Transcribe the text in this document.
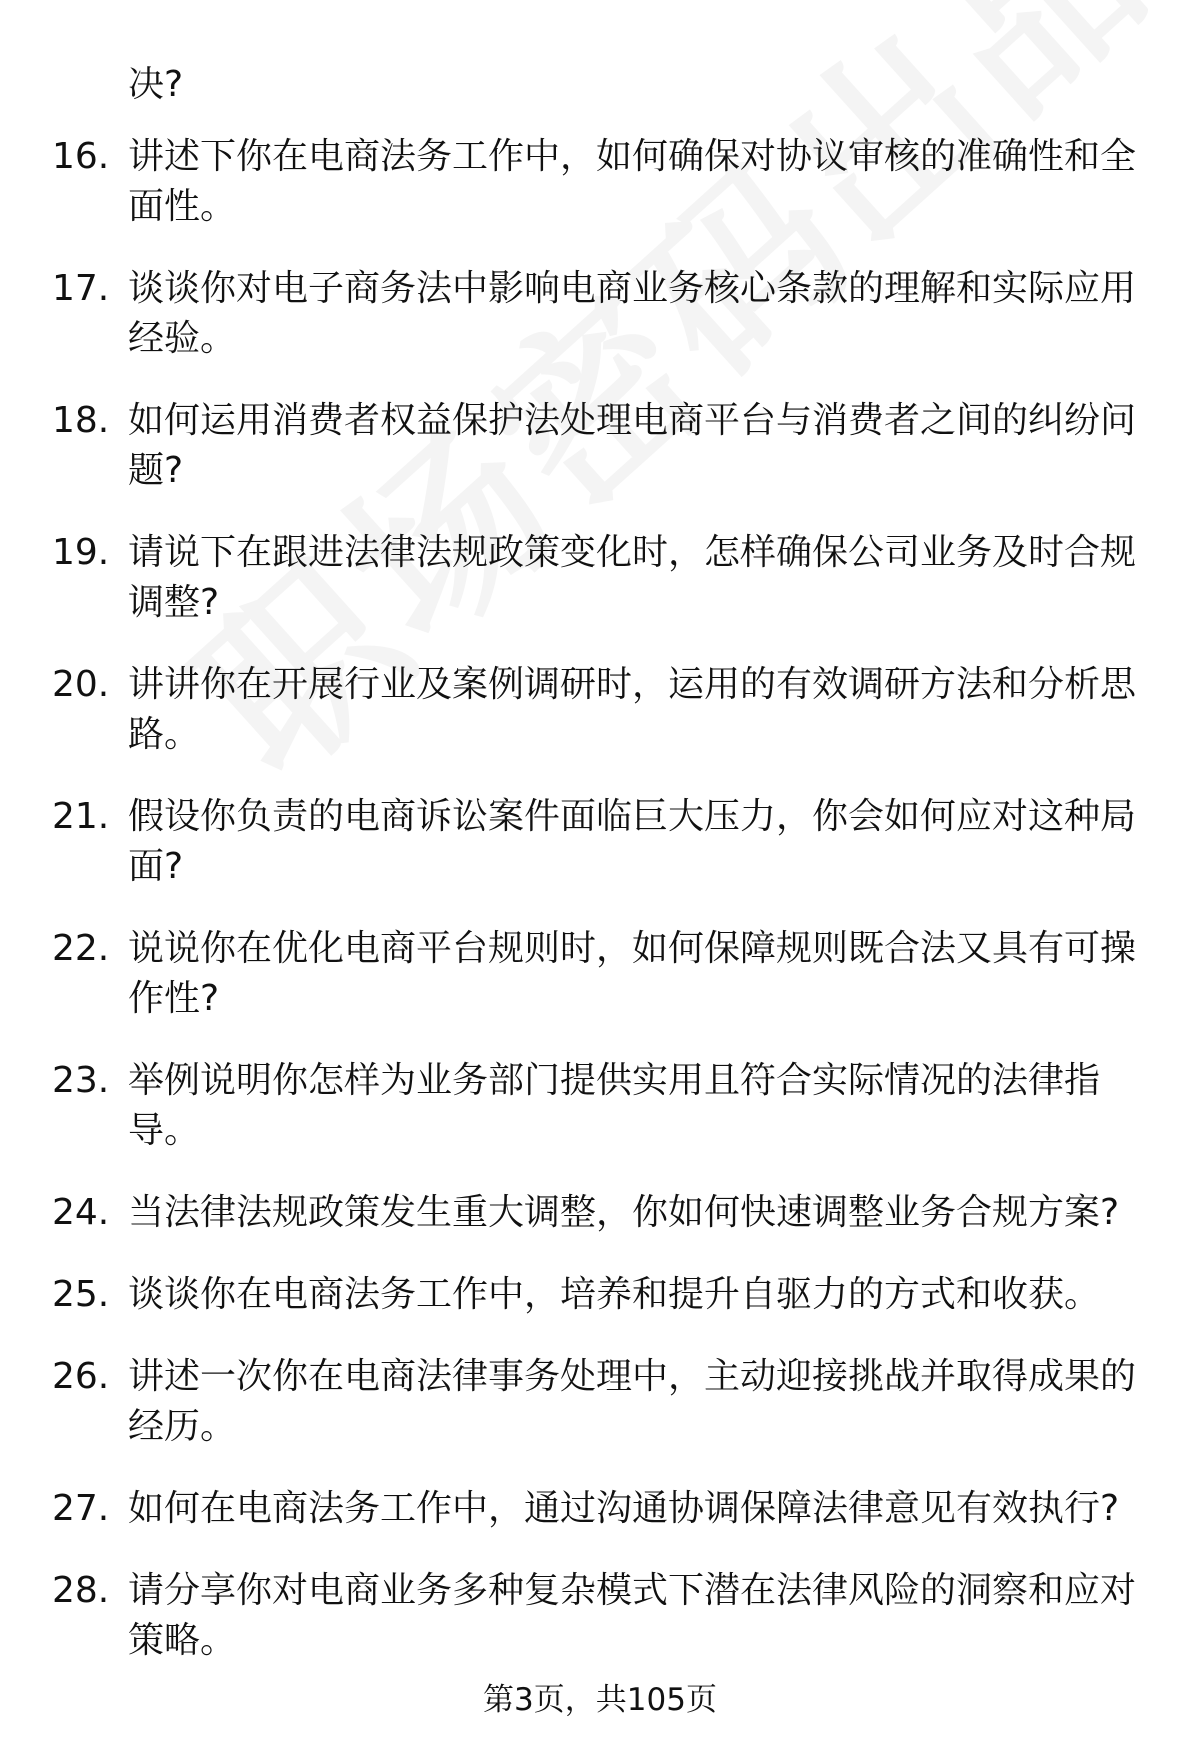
决?
16. 讲述下你在电商法务工作中，如何确保对协议审核的准确性和全面性。
17. 谈谈你对电子商务法中影响电商业务核心条款的理解和实际应用经验。
18. 如何运用消费者权益保护法处理电商平台与消费者之间的纠纷问题?
19. 请说下在跟进法律法规政策变化时，怎样确保公司业务及时合规调整?
20. 讲讲你在开展行业及案例调研时，运用的有效调研方法和分析思路。
21. 假设你负责的电商诉讼案件面临巨大压力，你会如何应对这种局面?
22. 说说你在优化电商平台规则时，如何保障规则既合法又具有可操作性?
23. 举例说明你怎样为业务部门提供实用且符合实际情况的法律指导。
24. 当法律法规政策发生重大调整，你如何快速调整业务合规方案?
25. 谈谈你在电商法务工作中，培养和提升自驱力的方式和收获。
26. 讲述一次你在电商法律事务处理中，主动迎接挑战并取得成果的经历。
27. 如何在电商法务工作中，通过沟通协调保障法律意见有效执行?
28. 请分享你对电商业务多种复杂模式下潜在法律风险的洞察和应对策略。
第3页，共105页
